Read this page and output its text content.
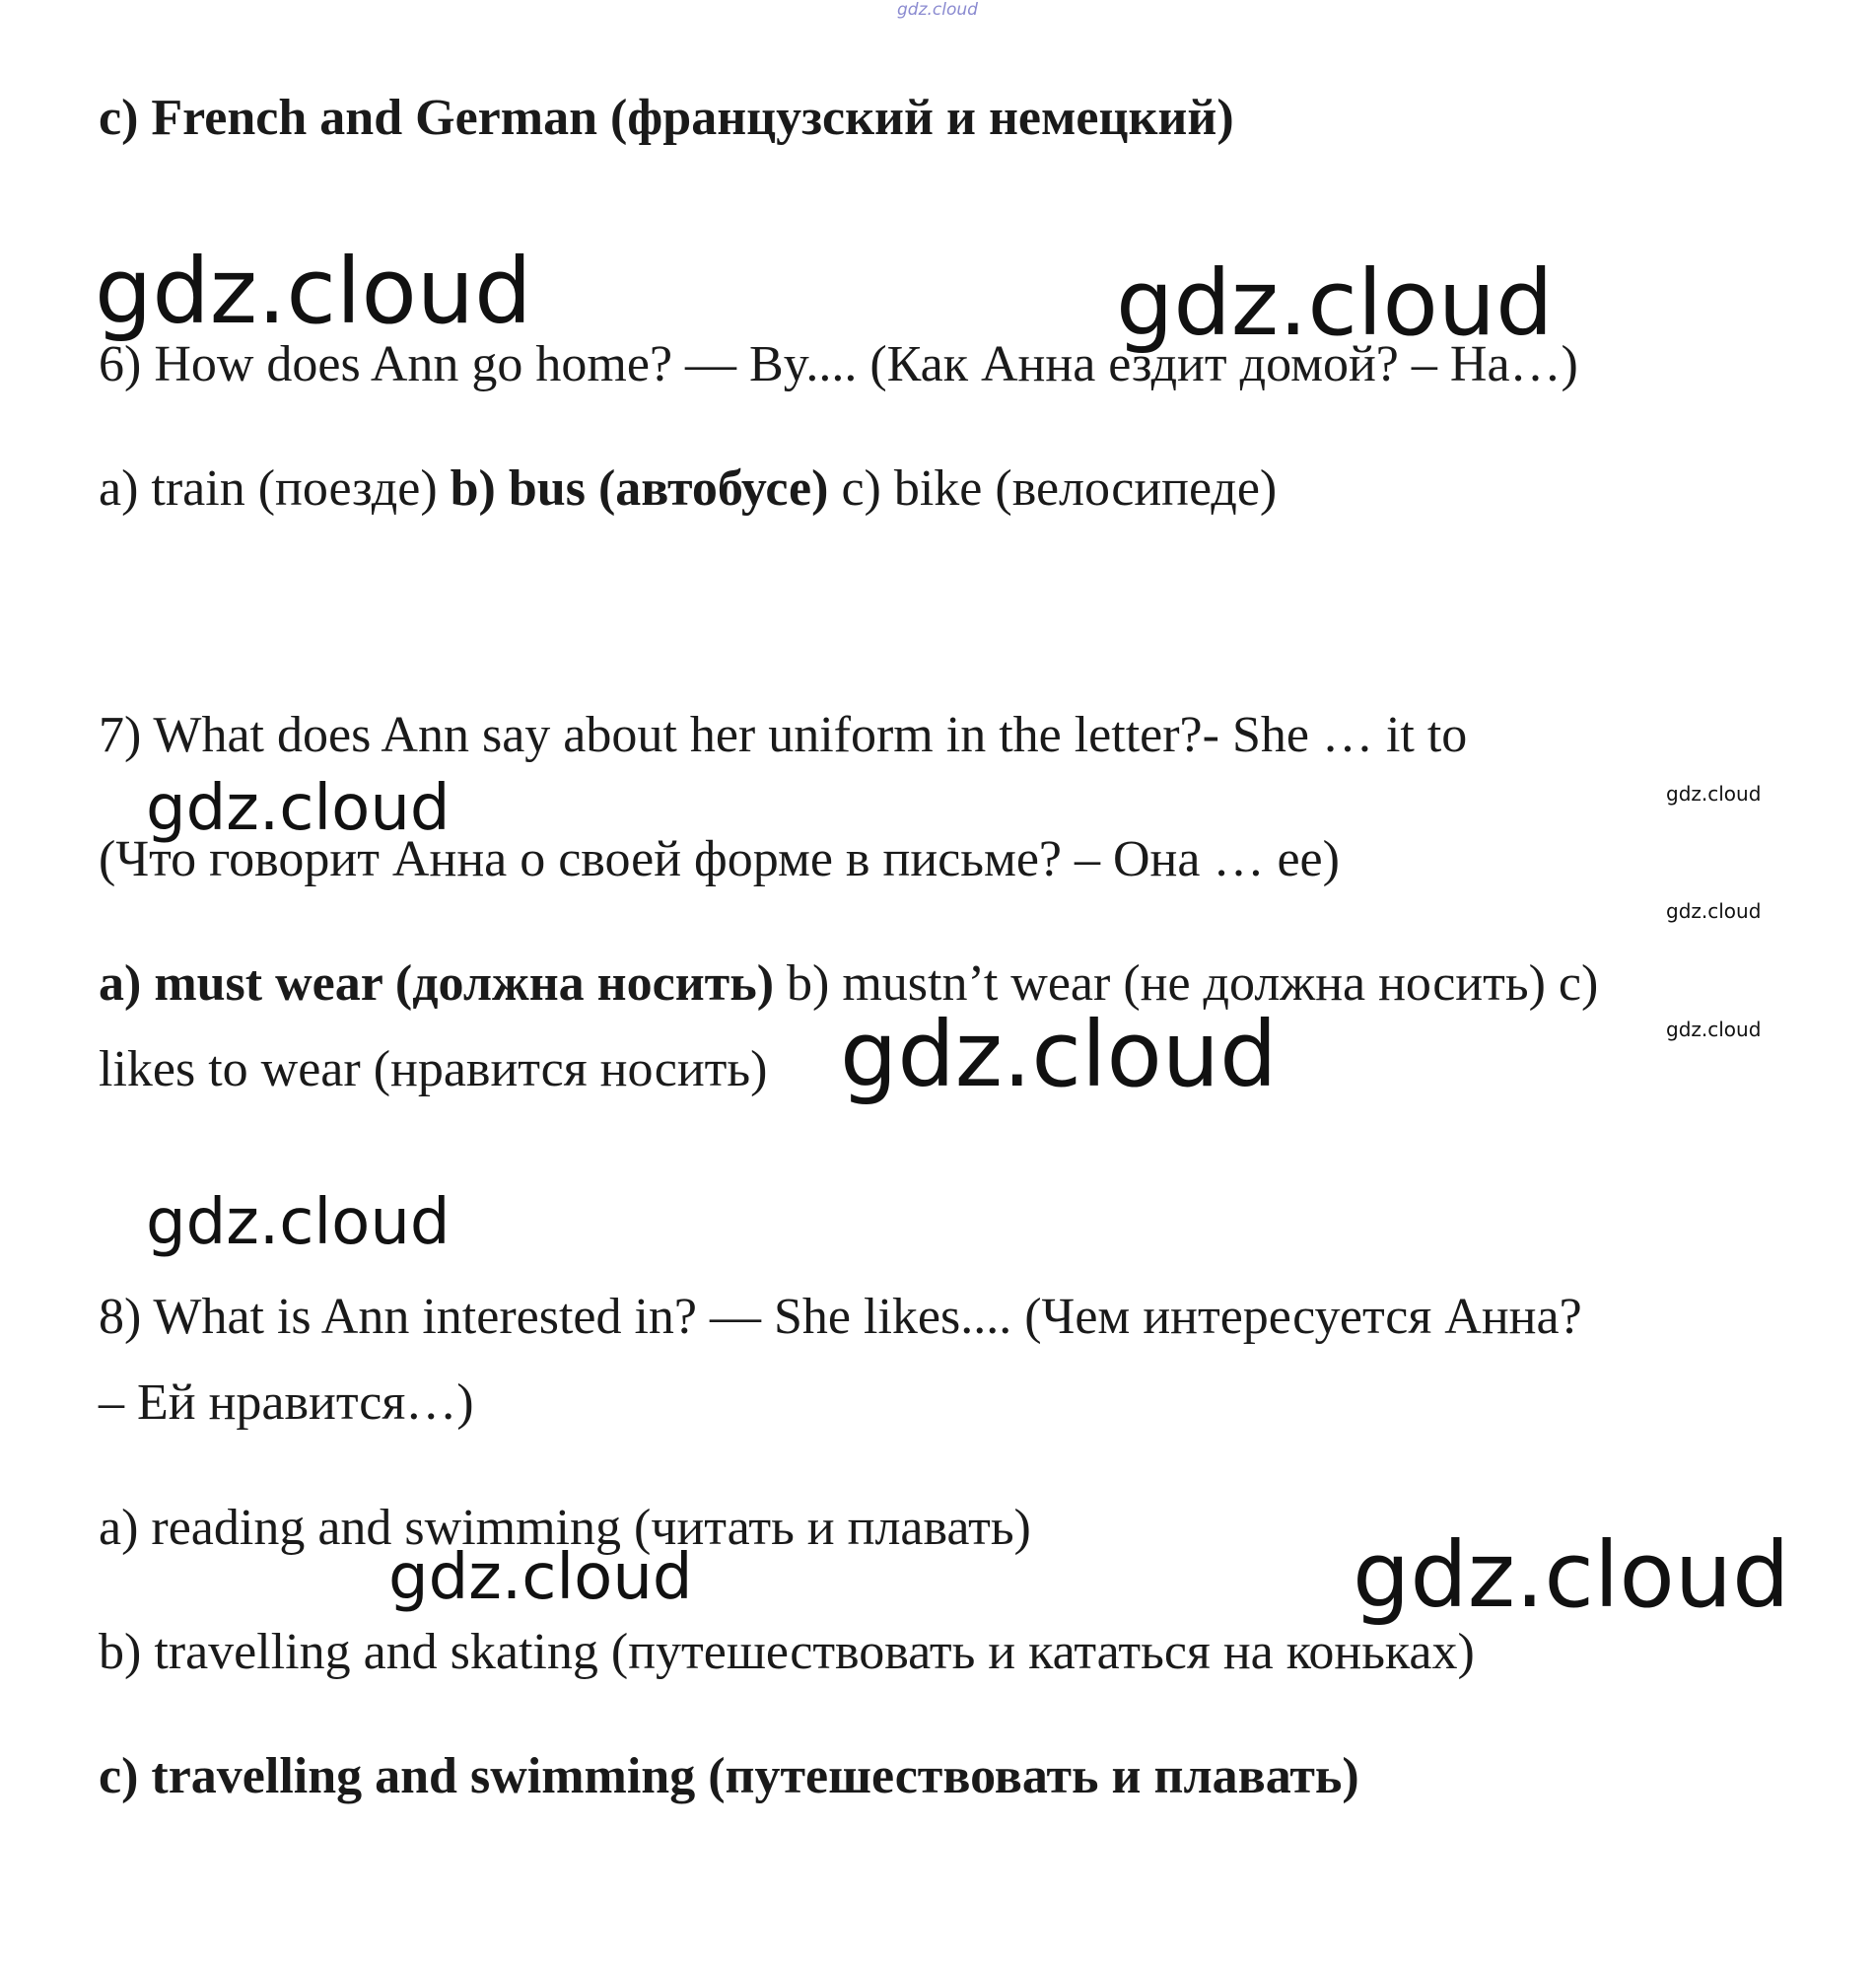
gdz.cloud
gdz.cloud	gdz.cloud
gdz.cloud	gdz.cloud
gdz.cloud
gdz.cloud
gdz.cloud
gdz.cloud
gdz.cloud	gdz.cloud
c) French and German (французский и немецкий)
6) How does Ann go home? — By.... (Как Анна ездит домой? – На…)
a) train (поезде) b) bus (автобусе) c) bike (велосипеде)
7) What does Ann say about her uniform in the letter?- She … it to
(Что говорит Анна о своей форме в письме? – Она … ее)
a) must wear (должна носить) b) mustn’t wear (не должна носить) c)
likes to wear (нравится носить)
8) What is Ann interested in? — She likes.... (Чем интересуется Анна?
– Ей нравится…)
a) reading and swimming (читать и плавать)
b) travelling and skating (путешествовать и кататься на коньках)
c) travelling and swimming (путешествовать и плавать)
